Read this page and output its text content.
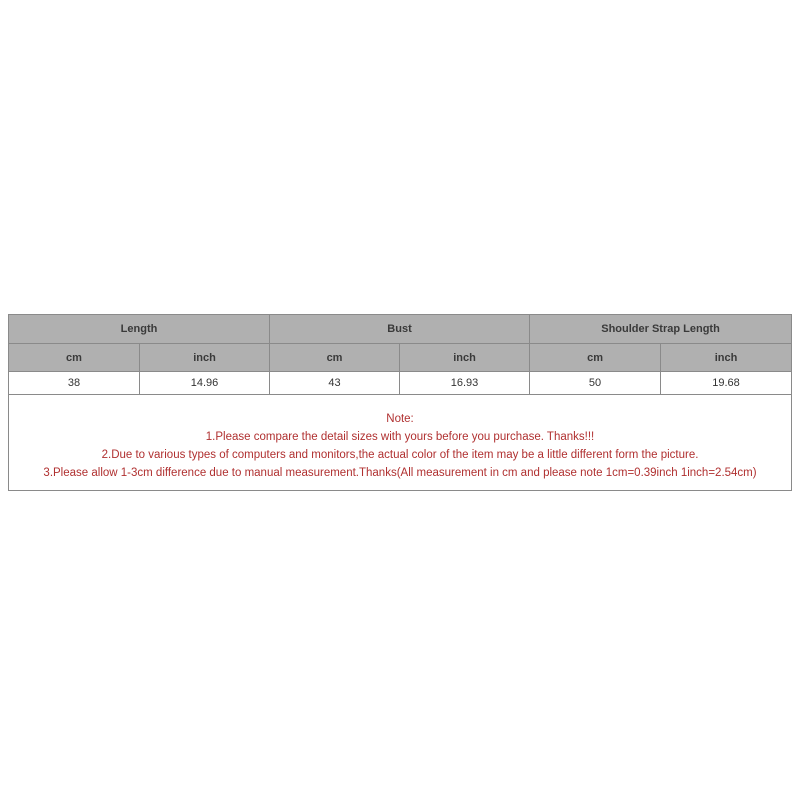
Length		Bust		Shoulder Strap Length	
cm	inch	cm	inch	cm	inch
38	14.96	43	16.93	50	19.68

Note:
1.Please compare the detail sizes with yours before you purchase. Thanks!!!
2.Due to various types of computers and monitors,the actual color of the item may be a little different form the picture.
3.Please allow 1-3cm difference due to manual measurement.Thanks(All measurement in cm and please note 1cm=0.39inch 1inch=2.54cm)					
